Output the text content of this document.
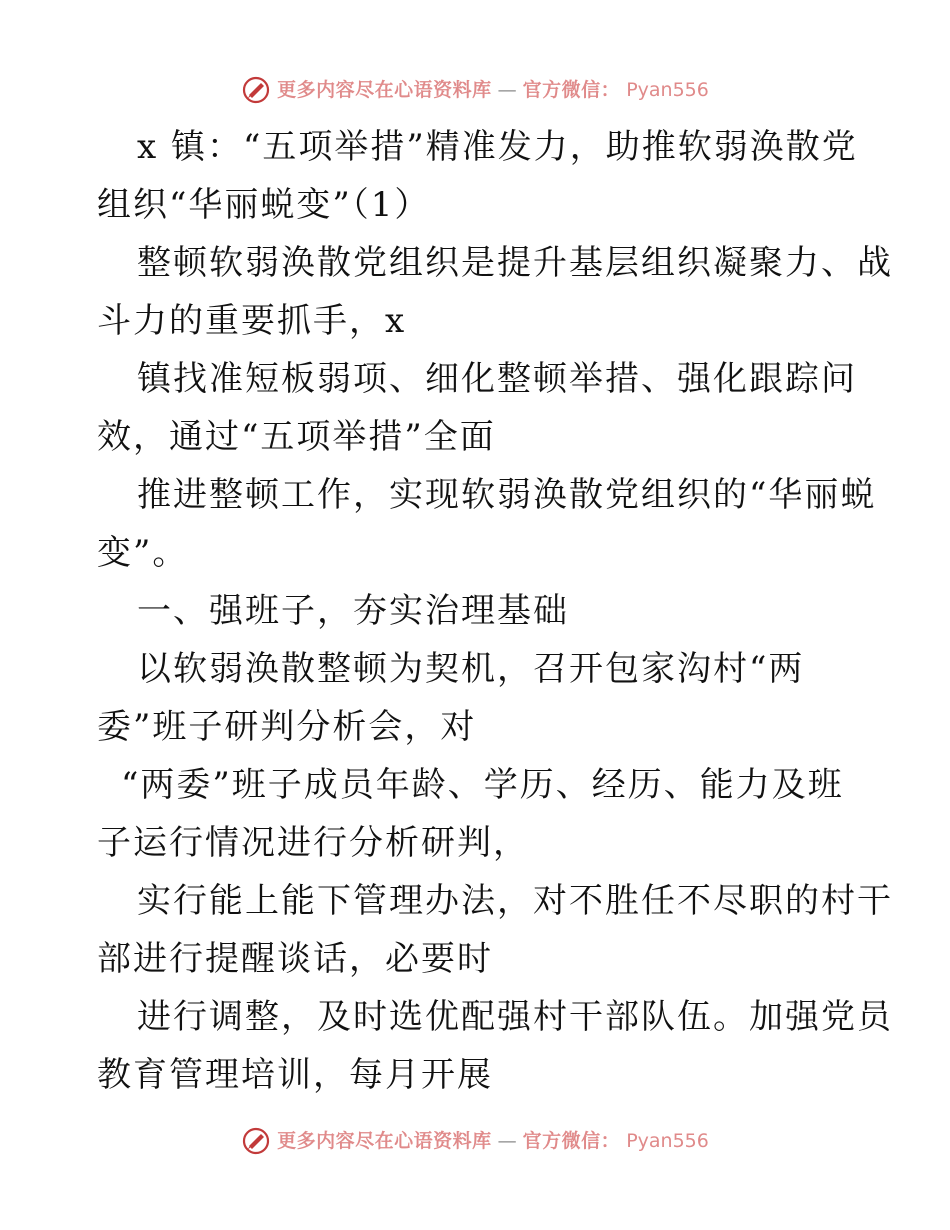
更多内容尽在心语资料库 — 官方微信： Pyan556
x 镇：“五项举措”精准发力，助推软弱涣散党
组织“华丽蜕变”（1）
整顿软弱涣散党组织是提升基层组织凝聚力、战
斗力的重要抓手，x
镇找准短板弱项、细化整顿举措、强化跟踪问
效，通过“五项举措”全面
推进整顿工作，实现软弱涣散党组织的“华丽蜕
变”。
一、强班子，夯实治理基础
以软弱涣散整顿为契机，召开包家沟村“两
委”班子研判分析会，对
“两委”班子成员年龄、学历、经历、能力及班
子运行情况进行分析研判，
实行能上能下管理办法，对不胜任不尽职的村干
部进行提醒谈话，必要时
进行调整，及时选优配强村干部队伍。加强党员
教育管理培训，每月开展
更多内容尽在心语资料库 — 官方微信： Pyan556
